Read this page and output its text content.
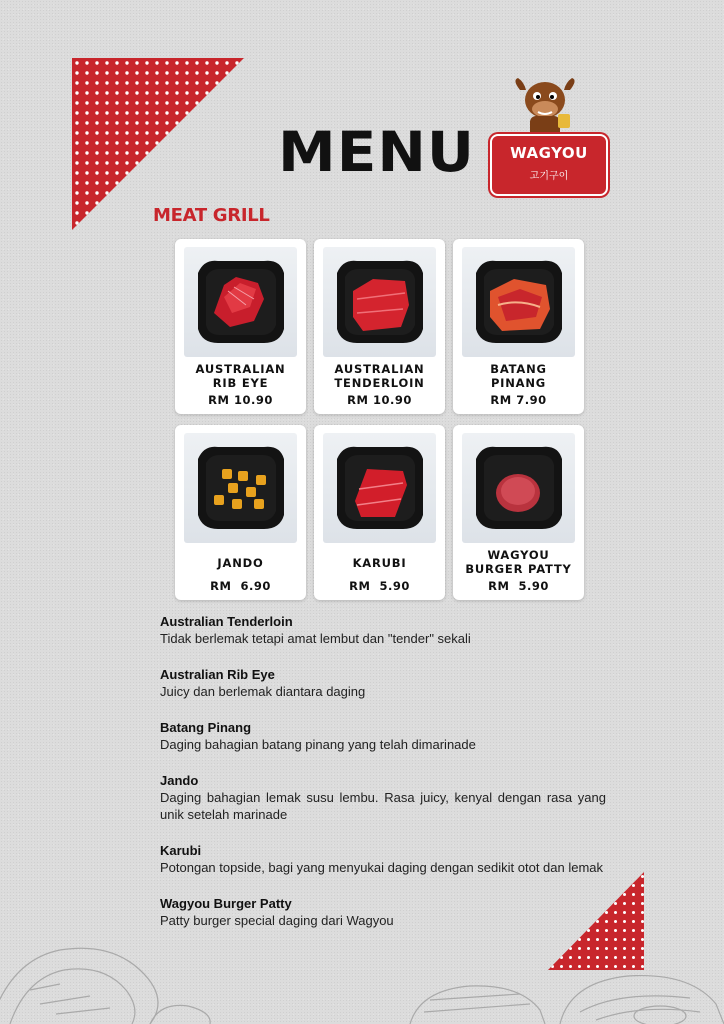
MENU	WAGYOU
고기구이
MEAT GRILL
AUSTRALIAN
RIB EYE
RM 10.90
AUSTRALIAN
TENDERLOIN
RM 10.90
BATANG
PINANG
RM 7.90
JANDO
RM  6.90
KARUBI
RM  5.90
WAGYOU
BURGER PATTY
RM  5.90
Australian Tenderloin
Tidak berlemak tetapi amat lembut dan "tender" sekali
Australian Rib Eye
Juicy dan berlemak diantara daging
Batang Pinang
Daging bahagian batang pinang yang telah dimarinade
Jando
Daging bahagian lemak susu lembu. Rasa juicy, kenyal dengan rasa yang unik setelah marinade
Karubi
Potongan topside, bagi yang menyukai daging dengan sedikit otot dan lemak
Wagyou Burger Patty
Patty burger special daging dari Wagyou
